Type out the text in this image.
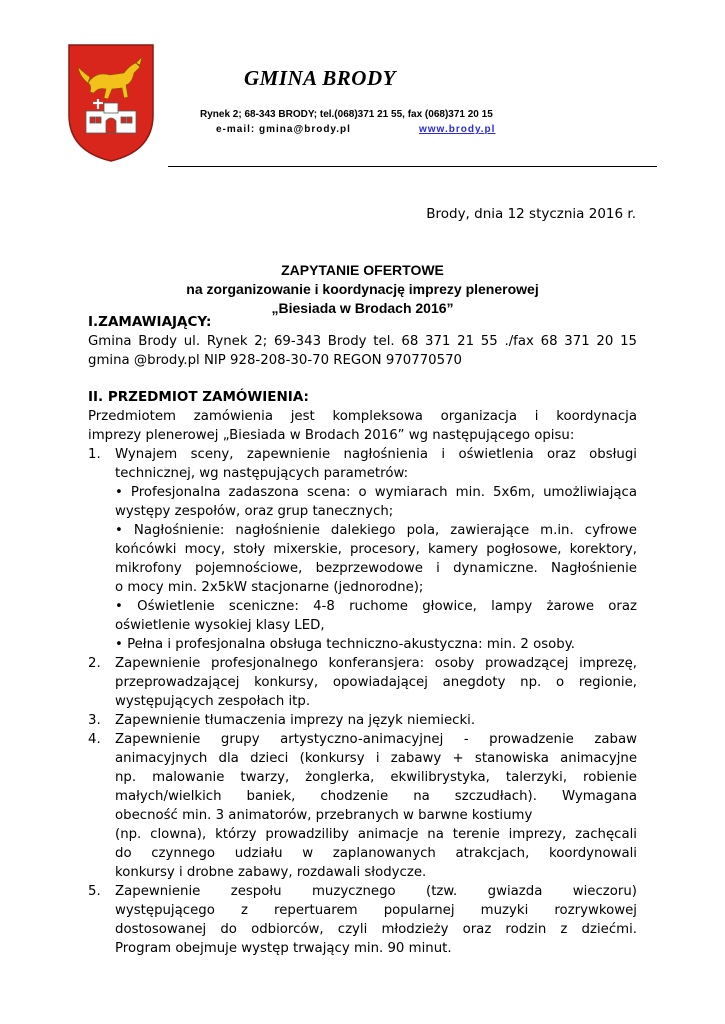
GMINA BRODY
Rynek 2; 68-343 BRODY; tel.(068)371 21 55, fax (068)371 20 15
e-mail: gmina@brody.pl	www.brody.pl
Brody, dnia 12 stycznia 2016 r.
ZAPYTANIE OFERTOWE
na zorganizowanie i koordynację imprezy plenerowej
„Biesiada w Brodach 2016”
I.ZAMAWIAJĄCY:
Gmina Brody ul. Rynek 2; 69-343 Brody tel. 68 371 21 55 ./fax 68 371 20 15
gmina @brody.pl NIP 928-208-30-70 REGON 970770570
II. PRZEDMIOT ZAMÓWIENIA:
Przedmiotem zamówienia jest kompleksowa organizacja i koordynacja
imprezy plenerowej „Biesiada w Brodach 2016” wg następującego opisu:
1. Wynajem sceny, zapewnienie nagłośnienia i oświetlenia oraz obsługi
technicznej, wg następujących parametrów:
• Profesjonalna zadaszona scena: o wymiarach min. 5x6m, umożliwiająca
występy zespołów, oraz grup tanecznych;
• Nagłośnienie: nagłośnienie dalekiego pola, zawierające m.in. cyfrowe
końcówki mocy, stoły mixerskie, procesory, kamery pogłosowe, korektory,
mikrofony pojemnościowe, bezprzewodowe i dynamiczne. Nagłośnienie
o mocy min. 2x5kW stacjonarne (jednorodne);
• Oświetlenie sceniczne: 4-8 ruchome głowice, lampy żarowe oraz
oświetlenie wysokiej klasy LED,
• Pełna i profesjonalna obsługa techniczno-akustyczna: min. 2 osoby.
2. Zapewnienie profesjonalnego konferansjera: osoby prowadzącej imprezę,
przeprowadzającej konkursy, opowiadającej anegdoty np. o regionie,
występujących zespołach itp.
3. Zapewnienie tłumaczenia imprezy na język niemiecki.
4. Zapewnienie grupy artystyczno-animacyjnej - prowadzenie zabaw
animacyjnych dla dzieci (konkursy i zabawy + stanowiska animacyjne
np. malowanie twarzy, żonglerka, ekwilibrystyka, talerzyki, robienie
małych/wielkich baniek, chodzenie na szczudłach). Wymagana
obecność min. 3 animatorów, przebranych w barwne kostiumy
(np. clowna), którzy prowadziliby animacje na terenie imprezy, zachęcali
do czynnego udziału w zaplanowanych atrakcjach, koordynowali
konkursy i drobne zabawy, rozdawali słodycze.
5. Zapewnienie zespołu muzycznego (tzw. gwiazda wieczoru)
występującego z repertuarem popularnej muzyki rozrywkowej
dostosowanej do odbiorców, czyli młodzieży oraz rodzin z dziećmi.
Program obejmuje występ trwający min. 90 minut.
